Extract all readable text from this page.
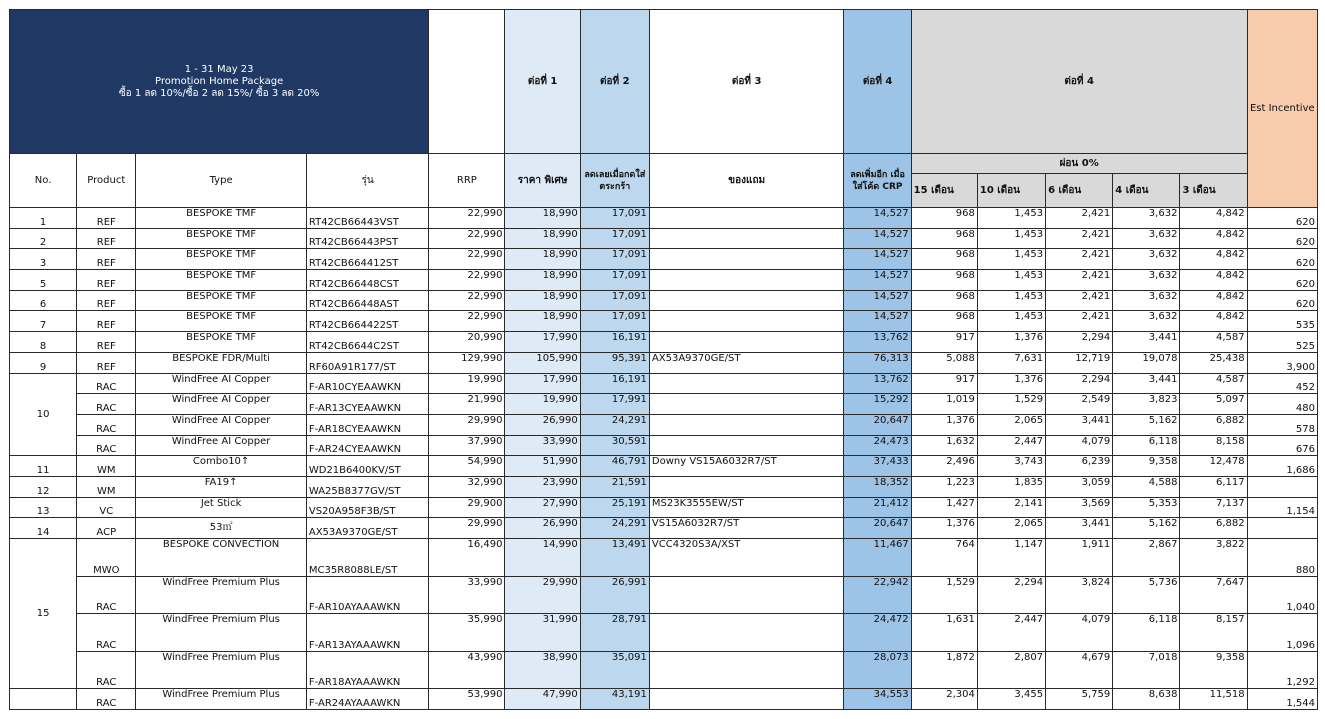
1 - 31 May 23
Promotion Home Package
ซื้อ 1 ลด 10%/ซื้อ 2 ลด 15%/ ซื้อ 3 ลด 20%					ต่อที่ 1	ต่อที่ 2	ต่อที่ 3	ต่อที่ 4	ต่อที่ 4					Est Incentive
No.	Product	Type	รุ่น	RRP	ราคา พิเศษ	ลดเลยเมื่อกดใส่ตระกร้า	ของแถม	ลดเพิ่มอีก เมื่อใส่โค้ด CRP	ผ่อน 0%					
									15 เดือน	10 เดือน	6 เดือน	4 เดือน	3 เดือน	
1	REF	BESPOKE TMF	RT42CB66443VST	22,990	18,990	17,091		14,527	968	1,453	2,421	3,632	4,842	620
2	REF	BESPOKE TMF	RT42CB66443PST	22,990	18,990	17,091		14,527	968	1,453	2,421	3,632	4,842	620
3	REF	BESPOKE TMF	RT42CB664412ST	22,990	18,990	17,091		14,527	968	1,453	2,421	3,632	4,842	620
5	REF	BESPOKE TMF	RT42CB66448CST	22,990	18,990	17,091		14,527	968	1,453	2,421	3,632	4,842	620
6	REF	BESPOKE TMF	RT42CB66448AST	22,990	18,990	17,091		14,527	968	1,453	2,421	3,632	4,842	620
7	REF	BESPOKE TMF	RT42CB664422ST	22,990	18,990	17,091		14,527	968	1,453	2,421	3,632	4,842	535
8	REF	BESPOKE TMF	RT42CB6644C2ST	20,990	17,990	16,191		13,762	917	1,376	2,294	3,441	4,587	525
9	REF	BESPOKE FDR/Multi	RF60A91R177/ST	129,990	105,990	95,391	AX53A9370GE/ST	76,313	5,088	7,631	12,719	19,078	25,438	3,900
10	RAC	WindFree AI Copper	F-AR10CYEAAWKN	19,990	17,990	16,191		13,762	917	1,376	2,294	3,441	4,587	452
	RAC	WindFree AI Copper	F-AR13CYEAAWKN	21,990	19,990	17,991		15,292	1,019	1,529	2,549	3,823	5,097	480
	RAC	WindFree AI Copper	F-AR18CYEAAWKN	29,990	26,990	24,291		20,647	1,376	2,065	3,441	5,162	6,882	578
	RAC	WindFree AI Copper	F-AR24CYEAAWKN	37,990	33,990	30,591		24,473	1,632	2,447	4,079	6,118	8,158	676
11	WM	Combo10↑	WD21B6400KV/ST	54,990	51,990	46,791	Downy VS15A6032R7/ST	37,433	2,496	3,743	6,239	9,358	12,478	1,686
12	WM	FA19↑	WA25B8377GV/ST	32,990	23,990	21,591		18,352	1,223	1,835	3,059	4,588	6,117	
13	VC	Jet Stick	VS20A958F3B/ST	29,900	27,990	25,191	MS23K3555EW/ST	21,412	1,427	2,141	3,569	5,353	7,137	1,154
14	ACP	53㎡	AX53A9370GE/ST	29,990	26,990	24,291	VS15A6032R7/ST	20,647	1,376	2,065	3,441	5,162	6,882	
15	MWO	BESPOKE CONVECTION	MC35R8088LE/ST	16,490	14,990	13,491	VCC4320S3A/XST	11,467	764	1,147	1,911	2,867	3,822	880
	RAC	WindFree Premium Plus	F-AR10AYAAAWKN	33,990	29,990	26,991		22,942	1,529	2,294	3,824	5,736	7,647	1,040
	RAC	WindFree Premium Plus	F-AR13AYAAAWKN	35,990	31,990	28,791		24,472	1,631	2,447	4,079	6,118	8,157	1,096
	RAC	WindFree Premium Plus	F-AR18AYAAAWKN	43,990	38,990	35,091		28,073	1,872	2,807	4,679	7,018	9,358	1,292
	RAC	WindFree Premium Plus	F-AR24AYAAAWKN	53,990	47,990	43,191		34,553	2,304	3,455	5,759	8,638	11,518	1,544
